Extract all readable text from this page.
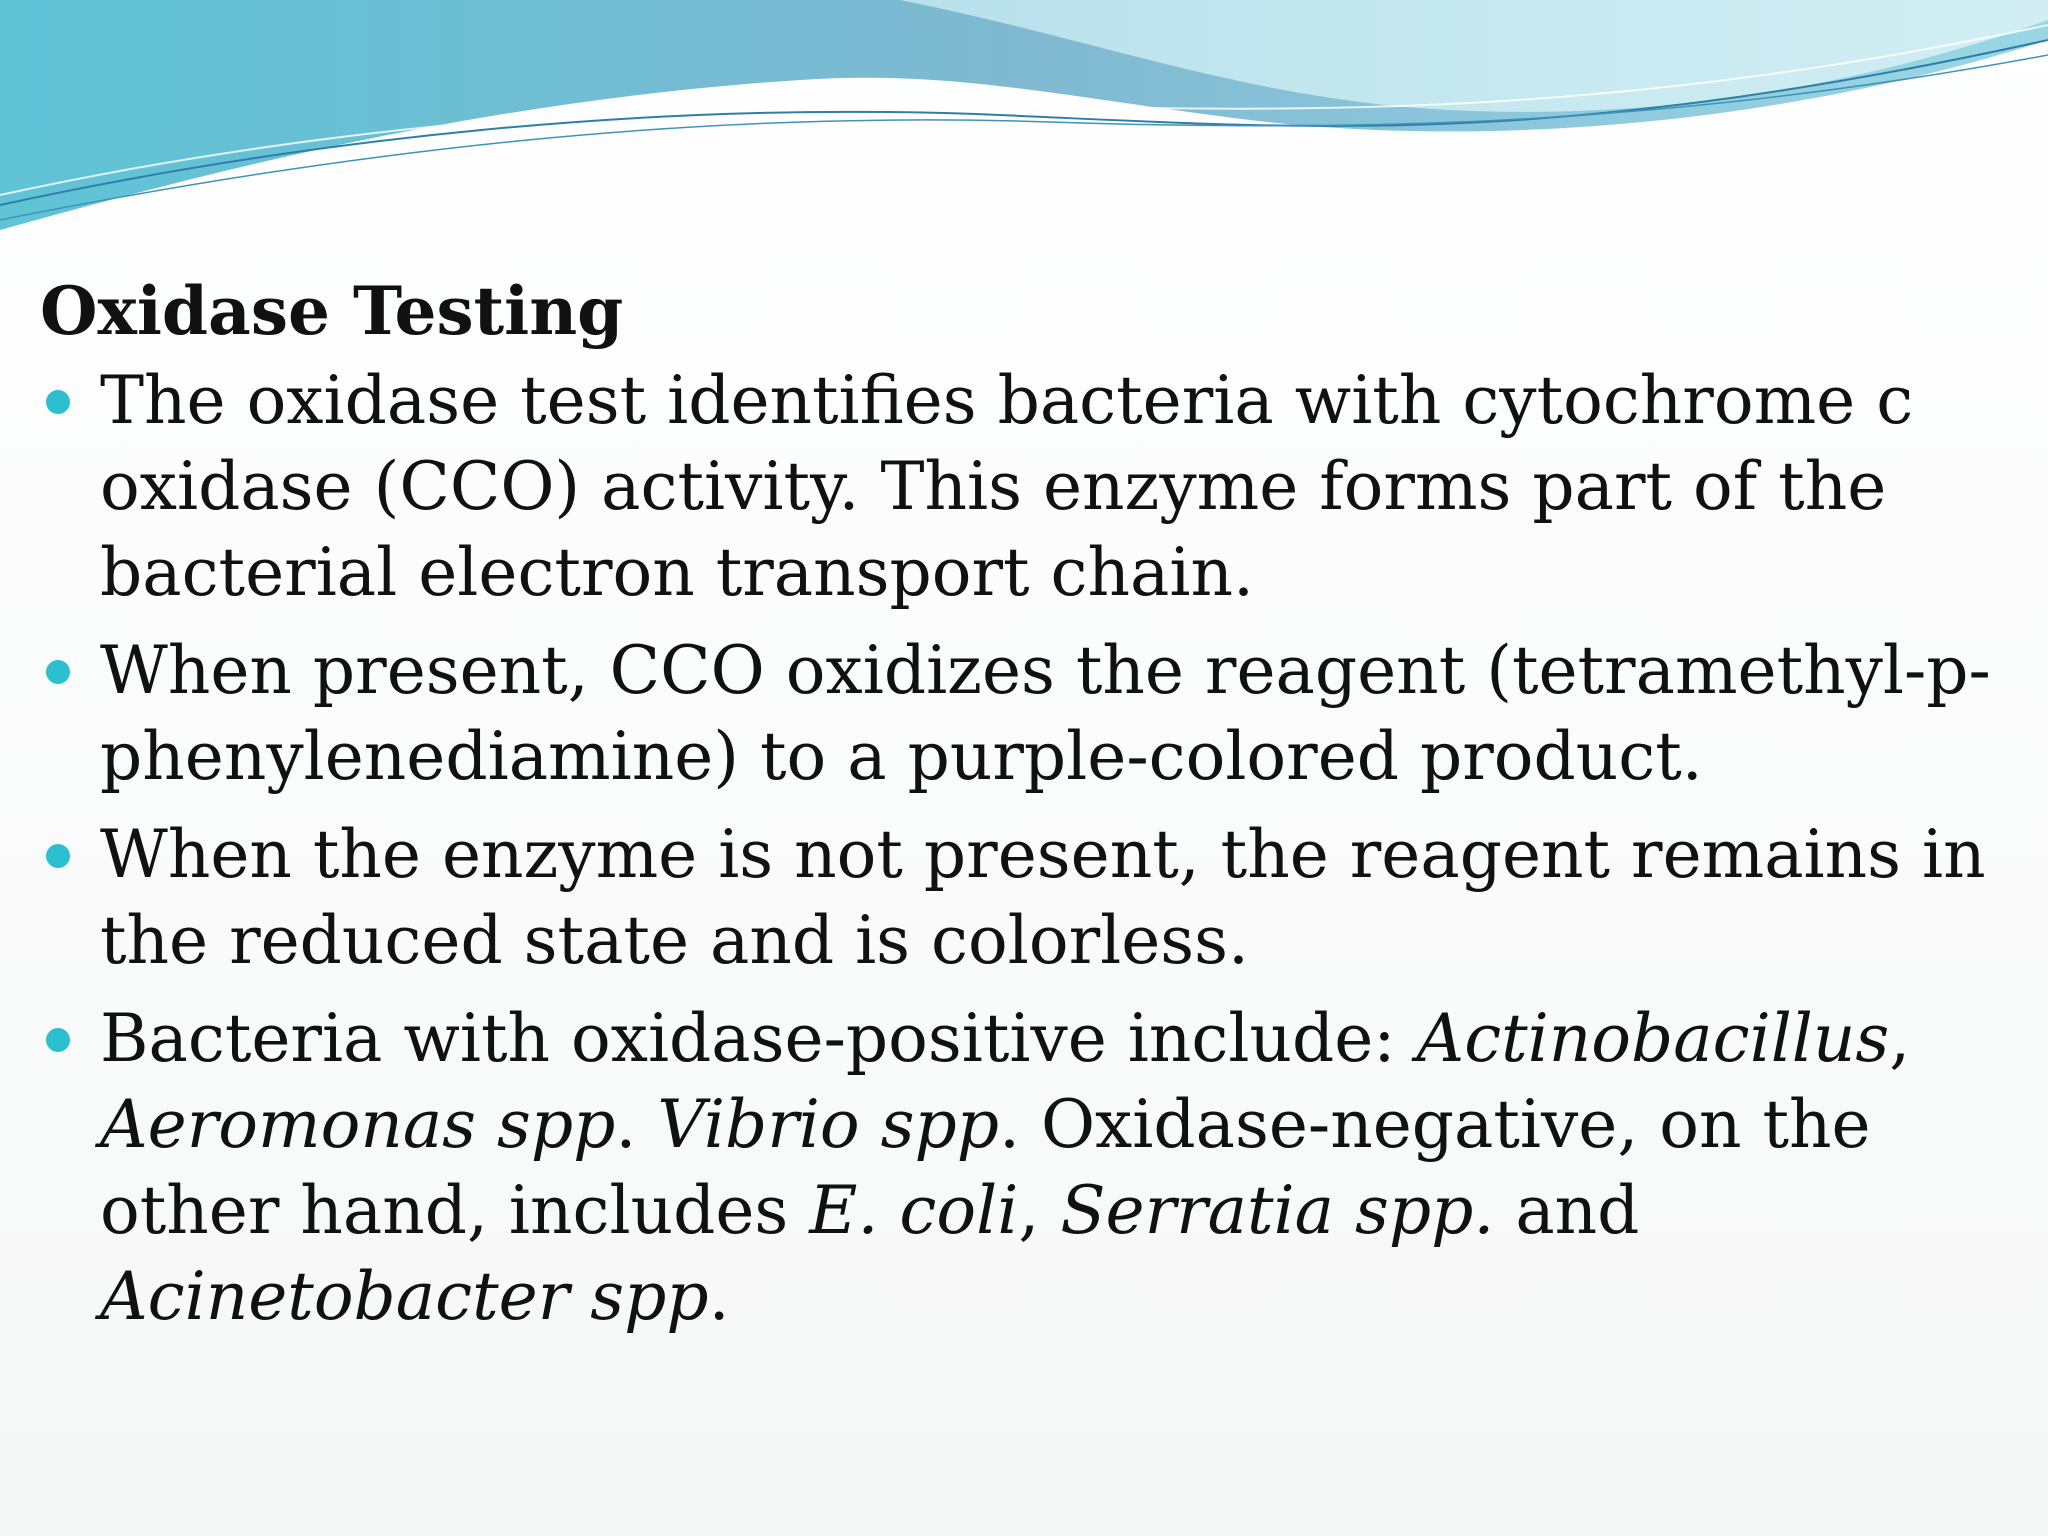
Oxidase Testing
The oxidase test identifies bacteria with cytochrome c oxidase (CCO) activity. This enzyme forms part of the bacterial electron transport chain.
When present, CCO oxidizes the reagent (tetramethyl-p-phenylenediamine) to a purple-colored product.
When the enzyme is not present, the reagent remains in the reduced state and is colorless.
Bacteria with oxidase-positive include: Actinobacillus, Aeromonas spp. Vibrio spp. Oxidase-negative, on the other hand, includes E. coli, Serratia spp. and Acinetobacter spp.
